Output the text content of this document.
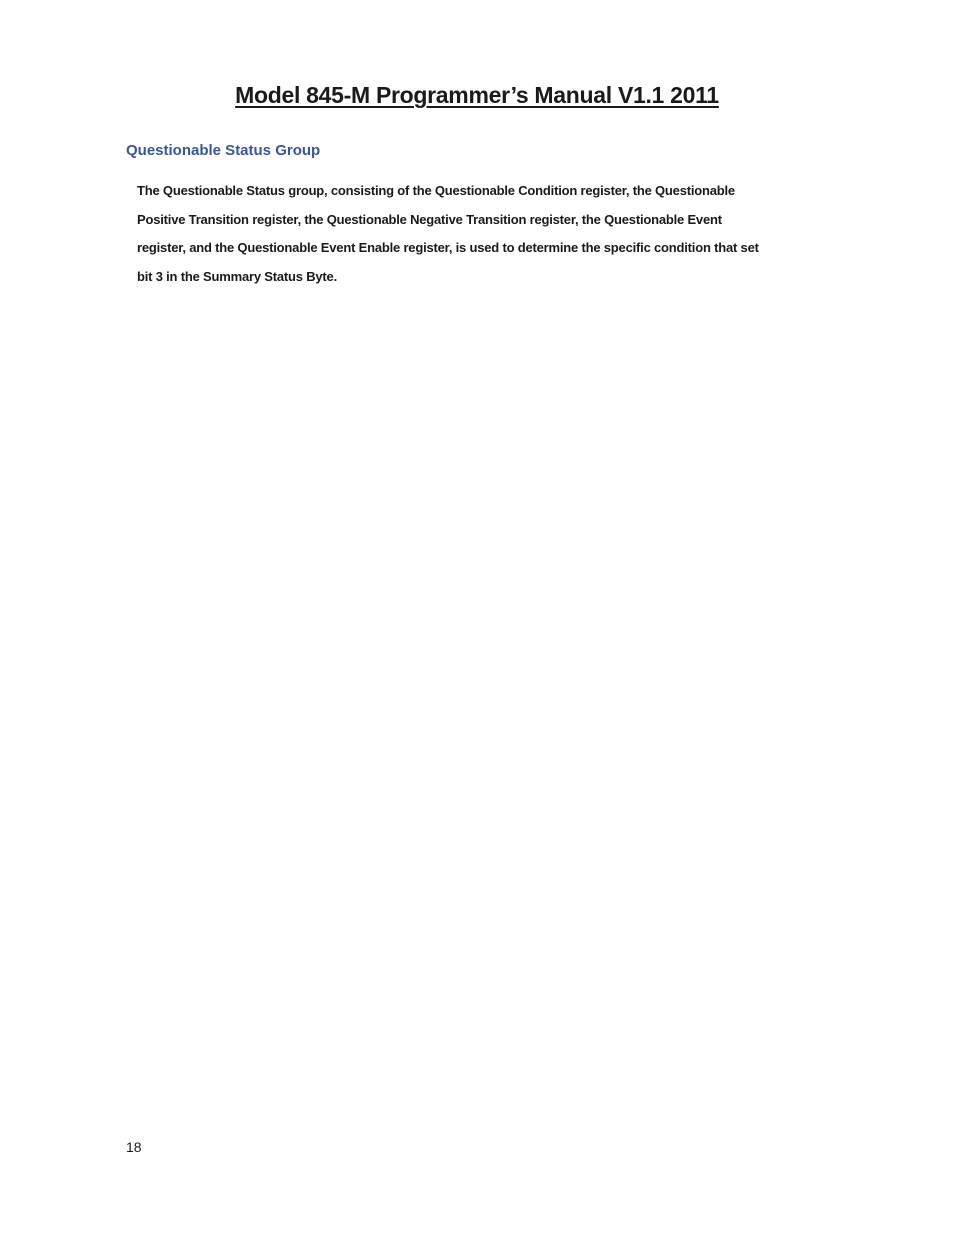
Model 845-M Programmer’s Manual V1.1 2011
Questionable Status Group

The Questionable Status group, consisting of the Questionable Condition register, the Questionable
Positive Transition register, the Questionable Negative Transition register, the Questionable Event
register, and the Questionable Event Enable register, is used to determine the specific condition that set
bit 3 in the Summary Status Byte.

18
